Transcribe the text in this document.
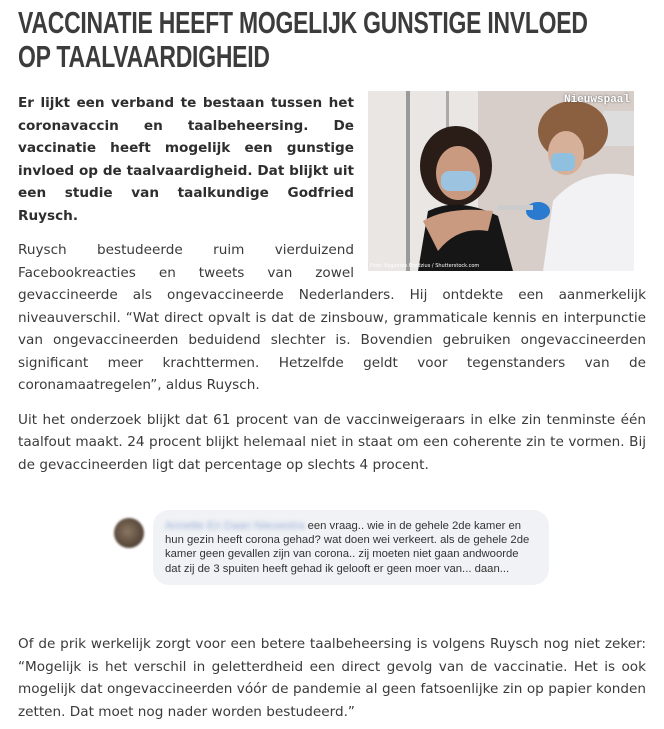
VACCINATIE HEEFT MOGELIJK GUNSTIGE INVLOED OP TAALVAARDIGHEID
Nieuwspaal
Foto: Vygantas Bredzius / Shutterstock.com

Er lijkt een verband te bestaan tussen het coronavaccin en taalbeheersing. De vaccinatie heeft mogelijk een gunstige invloed op de taalvaardigheid. Dat blijkt uit een studie van taalkundige Godfried Ruysch.

Ruysch bestudeerde ruim vierduizend Facebookreacties en tweets van zowel gevaccineerde als ongevaccineerde Nederlanders. Hij ontdekte een aanmerkelijk niveauverschil. “Wat direct opvalt is dat de zinsbouw, grammaticale kennis en interpunctie van ongevaccineerden beduidend slechter is. Bovendien gebruiken ongevaccineerden significant meer krachttermen. Hetzelfde geldt voor tegenstanders van de coronamaatregelen”, aldus Ruysch.

Uit het onderzoek blijkt dat 61 procent van de vaccinweigeraars in elke zin tenminste één taalfout maakt. 24 procent blijkt helemaal niet in staat om een coherente zin te vormen. Bij de gevaccineerden ligt dat percentage op slechts 4 procent.

Annette En Daan Nieuwstra een vraag.. wie in de gehele 2de kamer en hun gezin heeft corona gehad? wat doen wei verkeert. als de gehele 2de kamer geen gevallen zijn van corona.. zij moeten niet gaan andwoorde dat zij de 3 spuiten heeft gehad ik gelooft er geen moer van... daan...

Of de prik werkelijk zorgt voor een betere taalbeheersing is volgens Ruysch nog niet zeker: “Mogelijk is het verschil in geletterdheid een direct gevolg van de vaccinatie. Het is ook mogelijk dat ongevaccineerden vóór de pandemie al geen fatsoenlijke zin op papier konden zetten. Dat moet nog nader worden bestudeerd.”
